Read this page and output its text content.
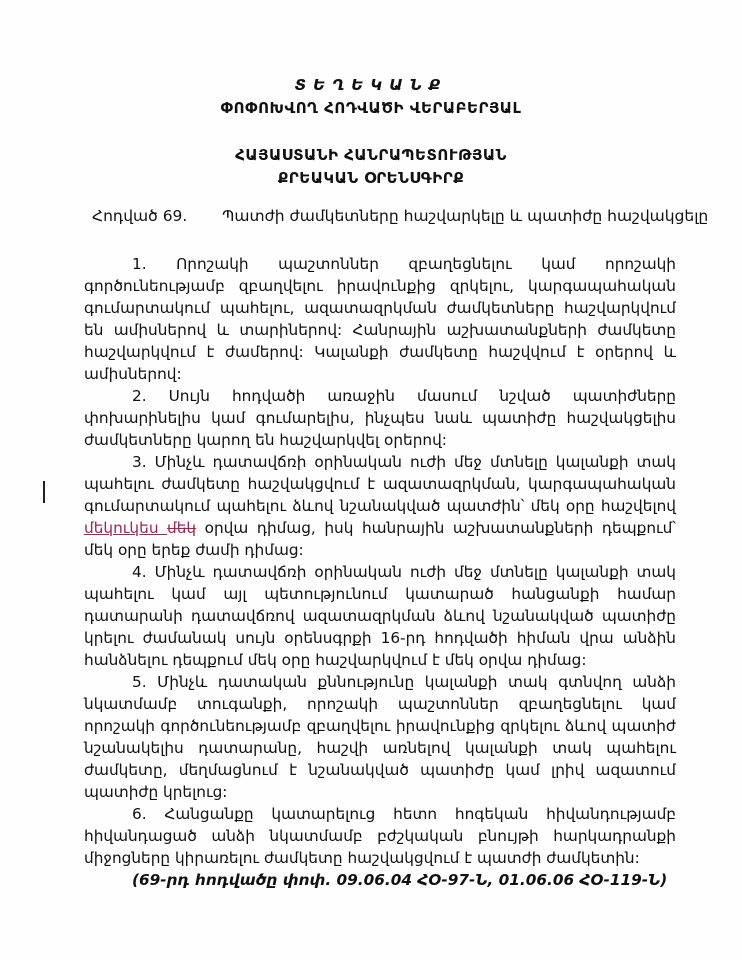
ՏԵՂԵԿԱՆՔ
ՓՈՓՈԽՎՈՂ ՀՈԴՎԱԾԻ ՎԵՐԱԲԵՐՅԱԼ
ՀԱՅԱՍՏԱՆԻ ՀԱՆՐԱՊԵՏՈՒԹՅԱՆ
ՔՐԵԱԿԱՆ ՕՐԵՆՍԳԻՐՔ
Հոդված 69. Պատժի ժամկետները հաշվարկելը և պատիժը հաշվակցելը

1. Որոշակի պաշտոններ զբաղեցնելու կամ որոշակի գործունեությամբ զբաղվելու իրավունքից զրկելու, կարգապահական գումարտակում պահելու, ազատազրկման ժամկետները հաշվարկվում են ամիսներով և տարիներով: Հանրային աշխատանքների ժամկետը հաշվարկվում է ժամերով: Կալանքի ժամկետը հաշվվում է օրերով և ամիսներով:

2. Սույն հոդվածի առաջին մասում նշված պատիժները փոխարինելիս կամ գումարելիս, ինչպես նաև պատիժը հաշվակցելիս ժամկետները կարող են հաշվարկվել օրերով:

3. Մինչև դատավճռի օրինական ուժի մեջ մտնելը կալանքի տակ պահելու ժամկետը հաշվակցվում է ազատազրկման, կարգապահական գումարտակում պահելու ձևով նշանակված պատժին՝ մեկ օրը հաշվելով մեկուկես մեկ օրվա դիմաց, իսկ հանրային աշխատանքների դեպքում՝ մեկ օրը երեք ժամի դիմաց:

4. Մինչև դատավճռի օրինական ուժի մեջ մտնելը կալանքի տակ պահելու կամ այլ պետությունում կատարած հանցանքի համար դատարանի դատավճռով ազատազրկման ձևով նշանակված պատիժը կրելու ժամանակ սույն օրենսգրքի 16-րդ հոդվածի հիման վրա անձին հանձնելու դեպքում մեկ օրը հաշվարկվում է մեկ օրվա դիմաց:

5. Մինչև դատական քննությունը կալանքի տակ գտնվող անձի նկատմամբ տուգանքի, որոշակի պաշտոններ զբաղեցնելու կամ որոշակի գործունեությամբ զբաղվելու իրավունքից զրկելու ձևով պատիժ նշանակելիս դատարանը, հաշվի առնելով կալանքի տակ պահելու ժամկետը, մեղմացնում է նշանակված պատիժը կամ լրիվ ազատում պատիժը կրելուց:

6. Հանցանքը կատարելուց հետո հոգեկան հիվանդությամբ հիվանդացած անձի նկատմամբ բժշկական բնույթի հարկադրանքի միջոցները կիրառելու ժամկետը հաշվակցվում է պատժի ժամկետին:

(69-րդ հոդվածը փոփ. 09.06.04 ՀՕ-97-Ն, 01.06.06 ՀՕ-119-Ն)
